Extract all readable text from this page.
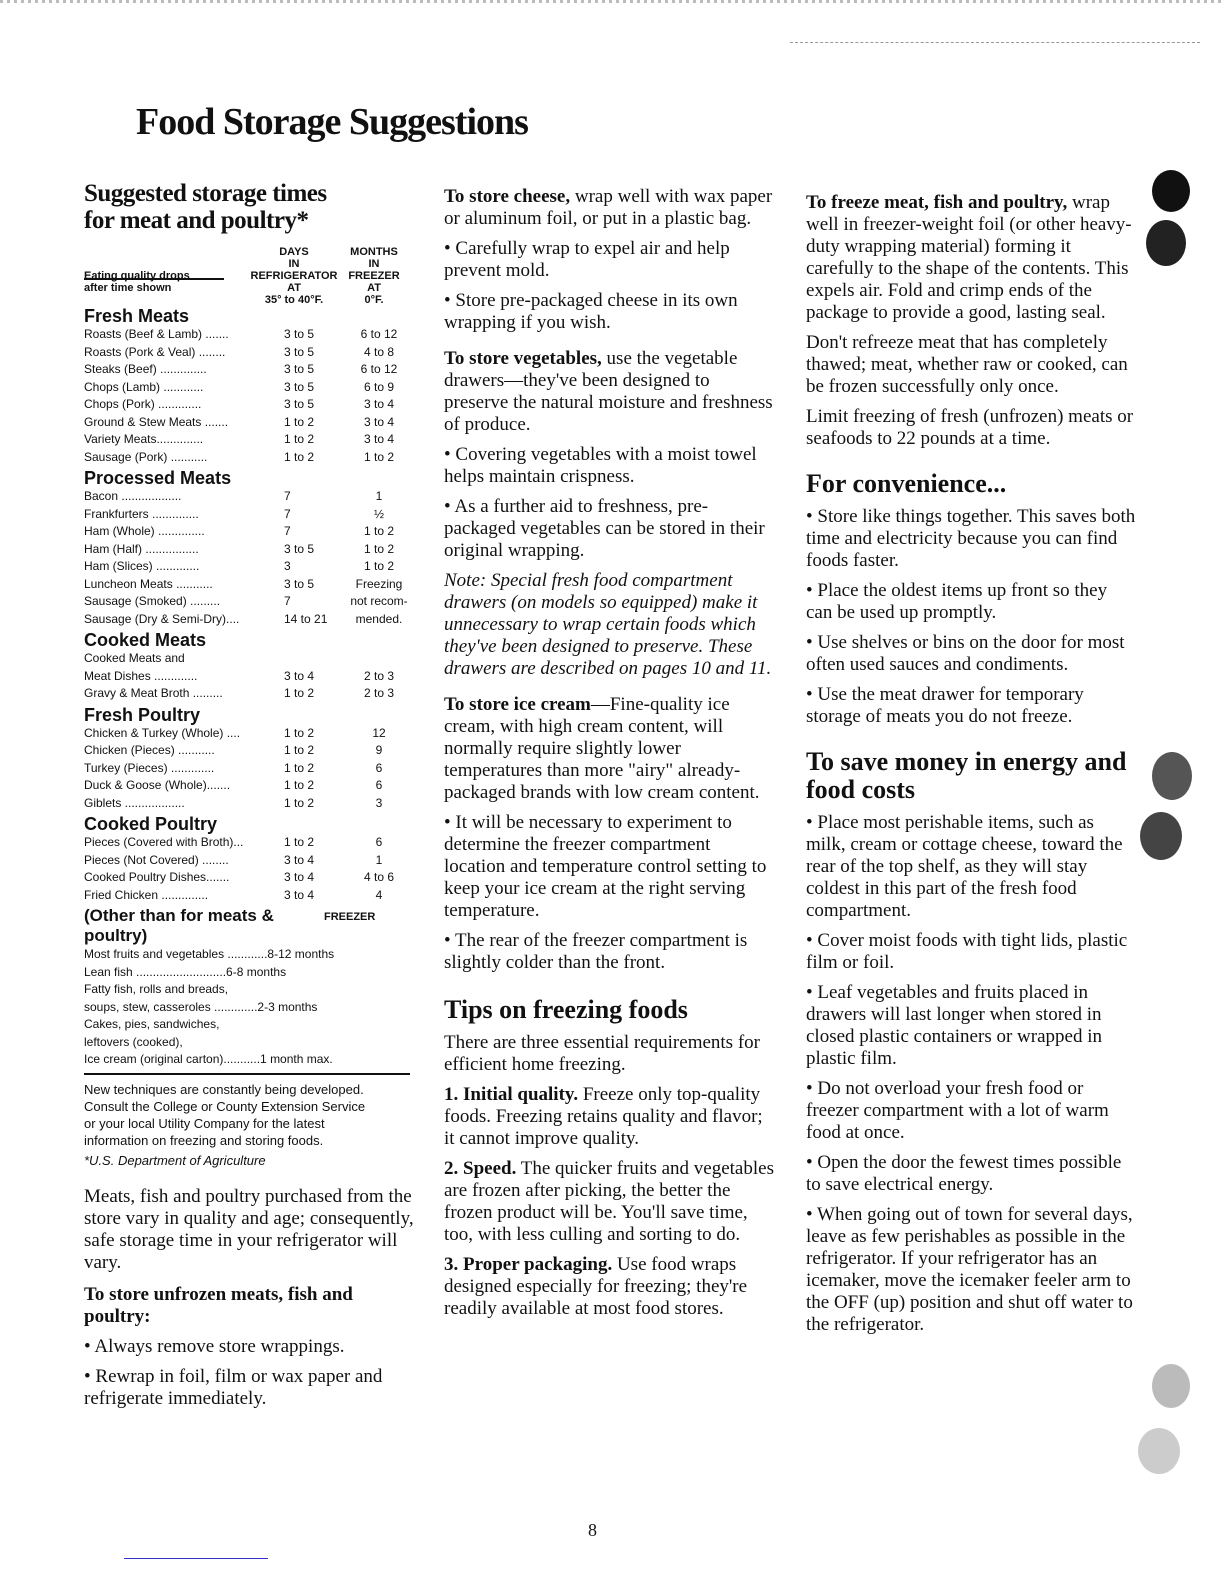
Food Storage Suggestions
Suggested storage times
for meat and poultry*
Eating quality drops
after time shown
DAYS
IN
REFRIGERATOR
AT
35° to 40°F.
MONTHS
IN
FREEZER
AT
0°F.
Fresh Meats
Roasts (Beef & Lamb) .......	3 to 5	6 to 12
Roasts (Pork & Veal) ........	3 to 5	4 to 8
Steaks (Beef) ..............	3 to 5	6 to 12
Chops (Lamb) ............	3 to 5	6 to 9
Chops (Pork) .............	3 to 5	3 to 4
Ground & Stew Meats .......	1 to 2	3 to 4
Variety Meats..............	1 to 2	3 to 4
Sausage (Pork) ...........	1 to 2	1 to 2
Processed Meats
Bacon ..................	7	1
Frankfurters ..............	7	½
Ham (Whole) ..............	7	1 to 2
Ham (Half) ................	3 to 5	1 to 2
Ham (Slices) .............	3	1 to 2
Luncheon Meats ...........	3 to 5	Freezing
Sausage (Smoked) .........	7	not recom-
Sausage (Dry & Semi-Dry)....	14 to 21	mended.
Cooked Meats
Cooked Meats and
Meat Dishes .............	3 to 4	2 to 3
Gravy & Meat Broth .........	1 to 2	2 to 3
Fresh Poultry
Chicken & Turkey (Whole) ....	1 to 2	12
Chicken (Pieces) ...........	1 to 2	9
Turkey (Pieces) .............	1 to 2	6
Duck & Goose (Whole).......	1 to 2	6
Giblets ..................	1 to 2	3
Cooked Poultry
Pieces (Covered with Broth)...	1 to 2	6
Pieces (Not Covered) ........	3 to 4	1
Cooked Poultry Dishes.......	3 to 4	4 to 6
Fried Chicken ..............	3 to 4	4
(Other than for meats & poultry)
FREEZER
Most fruits and vegetables ............8-12 months
Lean fish ...........................6-8 months
Fatty fish, rolls and breads,
soups, stew, casseroles .............2-3 months
Cakes, pies, sandwiches,
leftovers (cooked),
Ice cream (original carton)...........1 month max.
New techniques are constantly being developed.
Consult the College or County Extension Service
or your local Utility Company for the latest
information on freezing and storing foods.
*U.S. Department of Agriculture

Meats, fish and poultry purchased from the store vary in quality and age; consequently, safe storage time in your refrigerator will vary.

To store unfrozen meats, fish and poultry:

• Always remove store wrappings.

• Rewrap in foil, film or wax paper and refrigerate immediately.

To store cheese, wrap well with wax paper or aluminum foil, or put in a plastic bag.

• Carefully wrap to expel air and help prevent mold.

• Store pre-packaged cheese in its own wrapping if you wish.

To store vegetables, use the vegetable drawers—they've been designed to preserve the natural moisture and freshness of produce.

• Covering vegetables with a moist towel helps maintain crispness.

• As a further aid to freshness, pre-packaged vegetables can be stored in their original wrapping.

Note: Special fresh food compartment drawers (on models so equipped) make it unnecessary to wrap certain foods which they've been designed to preserve. These drawers are described on pages 10 and 11.

To store ice cream—Fine-quality ice cream, with high cream content, will normally require slightly lower temperatures than more "airy" already-packaged brands with low cream content.

• It will be necessary to experiment to determine the freezer compartment location and temperature control setting to keep your ice cream at the right serving temperature.

• The rear of the freezer compartment is slightly colder than the front.

Tips on freezing foods

There are three essential requirements for efficient home freezing.

1. Initial quality. Freeze only top-quality foods. Freezing retains quality and flavor; it cannot improve quality.

2. Speed. The quicker fruits and vegetables are frozen after picking, the better the frozen product will be. You'll save time, too, with less culling and sorting to do.

3. Proper packaging. Use food wraps designed especially for freezing; they're readily available at most food stores.

To freeze meat, fish and poultry, wrap well in freezer-weight foil (or other heavy-duty wrapping material) forming it carefully to the shape of the contents. This expels air. Fold and crimp ends of the package to provide a good, lasting seal.

Don't refreeze meat that has completely thawed; meat, whether raw or cooked, can be frozen successfully only once.

Limit freezing of fresh (unfrozen) meats or seafoods to 22 pounds at a time.

For convenience...

• Store like things together. This saves both time and electricity because you can find foods faster.

• Place the oldest items up front so they can be used up promptly.

• Use shelves or bins on the door for most often used sauces and condiments.

• Use the meat drawer for temporary storage of meats you do not freeze.

To save money in energy and food costs

• Place most perishable items, such as milk, cream or cottage cheese, toward the rear of the top shelf, as they will stay coldest in this part of the fresh food compartment.

• Cover moist foods with tight lids, plastic film or foil.

• Leaf vegetables and fruits placed in drawers will last longer when stored in closed plastic containers or wrapped in plastic film.

• Do not overload your fresh food or freezer compartment with a lot of warm food at once.

• Open the door the fewest times possible to save electrical energy.

• When going out of town for several days, leave as few perishables as possible in the refrigerator. If your refrigerator has an icemaker, move the icemaker feeler arm to the OFF (up) position and shut off water to the refrigerator.

8
